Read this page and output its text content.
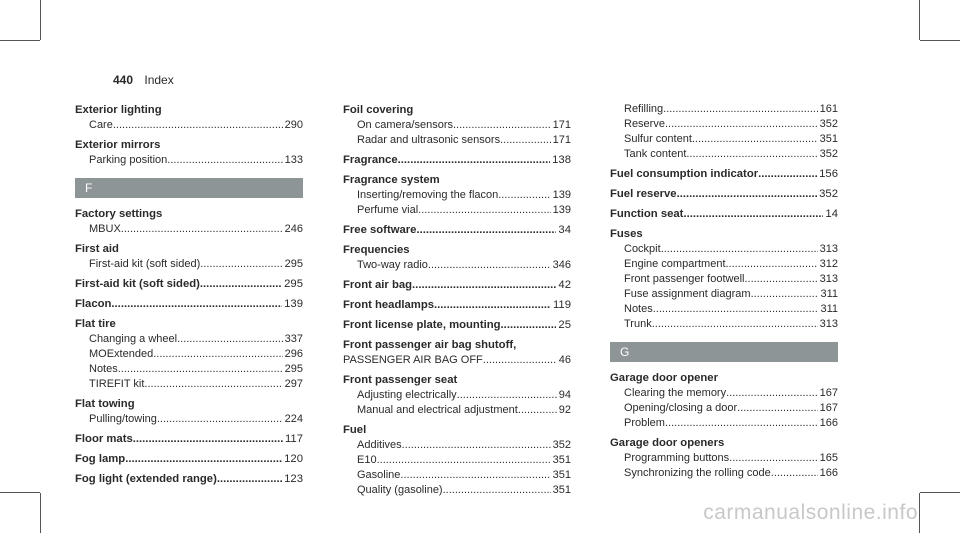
440 Index
Exterior lighting
Care .....	290
Exterior mirrors
Parking position .....	133
F
Factory settings
MBUX .....	246
First aid
First-aid kit (soft sided) .....	295
First-aid kit (soft sided) .....	295
Flacon .....	139
Flat tire
Changing a wheel .....	337
MOExtended .....	296
Notes .....	295
TIREFIT kit .....	297
Flat towing
Pulling/towing .....	224
Floor mats .....	117
Fog lamp .....	120
Fog light (extended range) .....	123
Foil covering
On camera/sensors .....	171
Radar and ultrasonic sensors .....	171
Fragrance .....	138
Fragrance system
Inserting/removing the flacon .....	139
Perfume vial .....	139
Free software .....	34
Frequencies
Two-way radio .....	346
Front air bag .....	42
Front headlamps .....	119
Front license plate, mounting .....	25
Front passenger air bag shutoff,
PASSENGER AIR BAG OFF .....	46
Front passenger seat
Adjusting electrically .....	94
Manual and electrical adjustment .....	92
Fuel
Additives .....	352
E10 .....	351
Gasoline .....	351
Quality (gasoline) .....	351
Refilling .....	161
Reserve .....	352
Sulfur content .....	351
Tank content .....	352
Fuel consumption indicator .....	156
Fuel reserve .....	352
Function seat .....	14
Fuses
Cockpit .....	313
Engine compartment .....	312
Front passenger footwell .....	313
Fuse assignment diagram .....	311
Notes .....	311
Trunk .....	313
G
Garage door opener
Clearing the memory .....	167
Opening/closing a door .....	167
Problem .....	166
Garage door openers
Programming buttons .....	165
Synchronizing the rolling code .....	166
carmanualsonline.info
